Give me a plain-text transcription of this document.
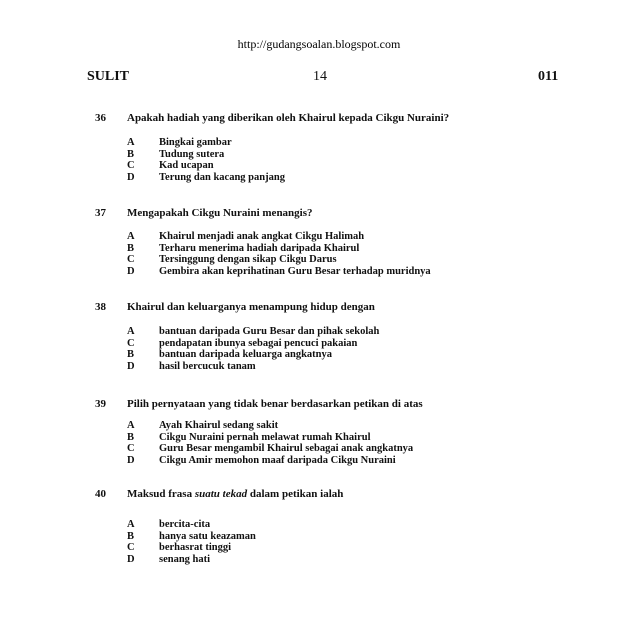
http://gudangsoalan.blogspot.com
SULIT	14	011
36 Apakah hadiah yang diberikan oleh Khairul kepada Cikgu Nuraini?
A Bingkai gambar
B Tudung sutera
C Kad ucapan
D Terung dan kacang panjang
37 Mengapakah Cikgu Nuraini menangis?
A Khairul menjadi anak angkat Cikgu Halimah
B Terharu menerima hadiah daripada Khairul
C Tersinggung dengan sikap Cikgu Darus
D Gembira akan keprihatinan Guru Besar terhadap muridnya
38 Khairul dan keluarganya menampung hidup dengan
A bantuan daripada Guru Besar dan pihak sekolah
C pendapatan ibunya sebagai pencuci pakaian
B bantuan daripada keluarga angkatnya
D hasil bercucuk tanam
39 Pilih pernyataan yang tidak benar berdasarkan petikan di atas
A Ayah Khairul sedang sakit
B Cikgu Nuraini pernah melawat rumah Khairul
C Guru Besar mengambil Khairul sebagai anak angkatnya
D Cikgu Amir memohon maaf daripada Cikgu Nuraini
40 Maksud frasa suatu tekad dalam petikan ialah
A bercita-cita
B hanya satu keazaman
C berhasrat tinggi
D senang hati
